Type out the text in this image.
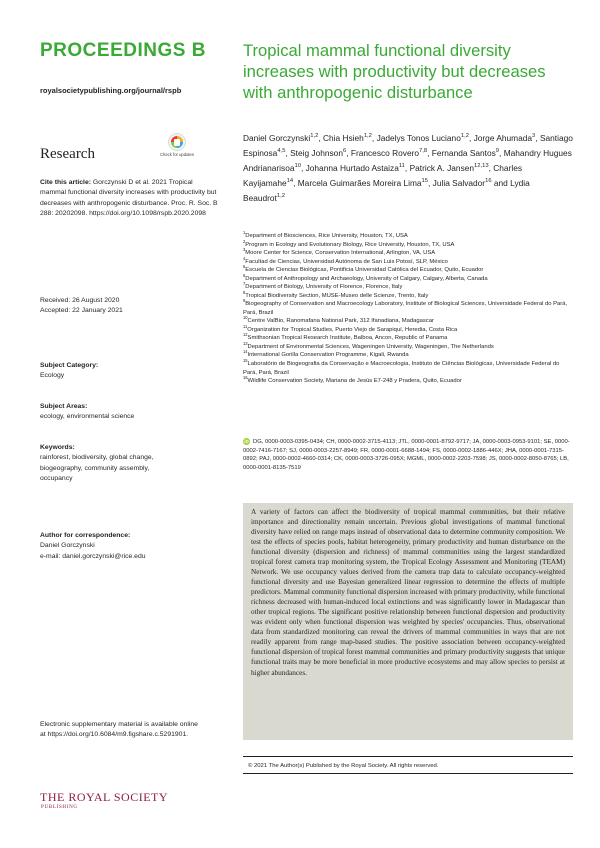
PROCEEDINGS B
royalsocietypublishing.org/journal/rspb
Research	Check for updates
Cite this article: Gorczynski D et al. 2021 Tropical mammal functional diversity increases with productivity but decreases with anthropogenic disturbance. Proc. R. Soc. B 288: 20202098. https://doi.org/10.1098/rspb.2020.2098
Received: 26 August 2020
Accepted: 22 January 2021
Subject Category:
Ecology
Subject Areas:
ecology, environmental science
Keywords:
rainforest, biodiversity, global change,
biogeography, community assembly,
occupancy
Author for correspondence:
Daniel Gorczynski
e-mail: daniel.gorczynski@rice.edu
Electronic supplementary material is available online at https://doi.org/10.6084/m9.figshare.c.5291901.
THE ROYAL SOCIETY
PUBLISHING
Tropical mammal functional diversity increases with productivity but decreases with anthropogenic disturbance
Daniel Gorczynski$^{1,2}$, Chia Hsieh$^{1,2}$, Jadelys Tonos Luciano$^{1,2}$, Jorge Ahumada$^3$, Santiago Espinosa$^{4,5}$, Steig Johnson$^6$, Francesco Rovero$^{7,8}$, Fernanda Santos$^9$, Mahandry Hugues Andrianarisoa$^{10}$, Johanna Hurtado Astaiza$^{11}$, Patrick A. Jansen$^{12,13}$, Charles Kayijamahe$^{14}$, Marcela Guimarães Moreira Lima$^{15}$, Julia Salvador$^{16}$ and Lydia Beaudrot$^{1,2}$
$^1$Department of Biosciences, Rice University, Houston, TX, USA
$^2$Program in Ecology and Evolutionary Biology, Rice University, Houston, TX, USA
$^3$Moore Center for Science, Conservation International, Arlington, VA, USA
$^4$Facultad de Ciencias, Universidad Autónoma de San Luis Potosí, SLP, México
$^5$Escuela de Ciencias Biológicas, Pontificia Universidad Católica del Ecuador, Quito, Ecuador
$^6$Department of Anthropology and Archaeology, University of Calgary, Calgary, Alberta, Canada
$^7$Department of Biology, University of Florence, Florence, Italy
$^8$Tropical Biodiversity Section, MUSE-Museo delle Scienze, Trento, Italy
$^9$Biogeography of Conservation and Macroecology Laboratory, Institute of Biological Sciences, Universidade Federal do Pará, Pará, Brazil
$^{10}$Centre ValBio, Ranomafana National Park, 312 Ifanadiana, Madagascar
$^{11}$Organization for Tropical Studies, Puerto Viejo de Sarapiquí, Heredia, Costa Rica
$^{12}$Smithsonian Tropical Research Institute, Balboa, Ancon, Republic of Panama
$^{13}$Department of Environmental Sciences, Wageningen University, Wageningen, The Netherlands
$^{14}$International Gorilla Conservation Programme, Kigali, Rwanda
$^{15}$Laboratório de Biogeografia da Conservação e Macroecologia, Instituto de Ciências Biológicas, Universidade Federal do Pará, Pará, Brazil
$^{16}$Wildlife Conservation Society, Mariana de Jesús E7-248 y Pradera, Quito, Ecuador
iD DG, 0000-0003-0395-0434; CH, 0000-0002-3715-4113; JTL, 0000-0001-8792-9717; JA, 0000-0003-0953-9101; SE, 0000-0002-7416-7167; SJ, 0000-0003-2257-8949; FR, 0000-0001-6688-1494; FS, 0000-0002-1886-446X; JHA, 0000-0001-7315-0892; PAJ, 0000-0002-4660-0314; CK, 0000-0003-3726-095X; MGML, 0000-0002-2203-7598; JS, 0000-0002-8050-8765; LB, 0000-0001-8135-7519
A variety of factors can affect the biodiversity of tropical mammal communities, but their relative importance and directionality remain uncertain. Previous global investigations of mammal functional diversity have relied on range maps instead of observational data to determine community composition. We test the effects of species pools, habitat heterogeneity, primary productivity and human disturbance on the functional diversity (dispersion and richness) of mammal communities using the largest standardized tropical forest camera trap monitoring system, the Tropical Ecology Assessment and Monitoring (TEAM) Network. We use occupancy values derived from the camera trap data to calculate occupancy-weighted functional diversity and use Bayesian generalized linear regression to determine the effects of multiple predictors. Mammal community functional dispersion increased with primary productivity, while functional richness decreased with human-induced local extinctions and was significantly lower in Madagascar than other tropical regions. The significant positive relationship between functional dispersion and productivity was evident only when functional dispersion was weighted by species' occupancies. Thus, observational data from standardized monitoring can reveal the drivers of mammal communities in ways that are not readily apparent from range map-based studies. The positive association between occupancy-weighted functional dispersion of tropical forest mammal communities and primary productivity suggests that unique functional traits may be more beneficial in more productive ecosystems and may allow species to persist at higher abundances.
© 2021 The Author(s) Published by the Royal Society. All rights reserved.
